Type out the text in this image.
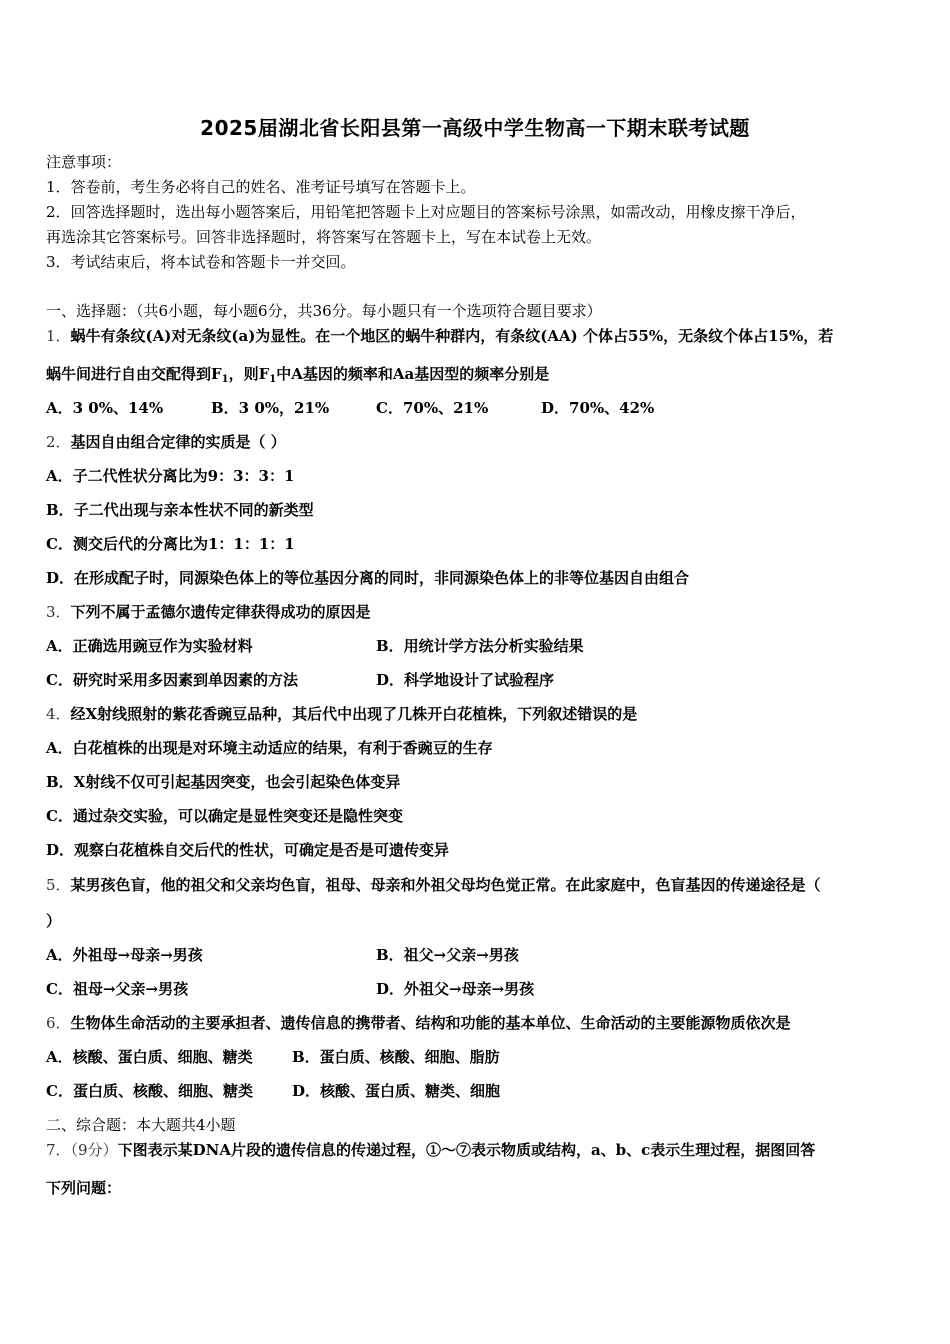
2025届湖北省长阳县第一高级中学生物高一下期末联考试题
注意事项：
1．答卷前，考生务必将自己的姓名、准考证号填写在答题卡上。
2．回答选择题时，选出每小题答案后，用铅笔把答题卡上对应题目的答案标号涂黑，如需改动，用橡皮擦干净后，
再选涂其它答案标号。回答非选择题时，将答案写在答题卡上，写在本试卷上无效。
3．考试结束后，将本试卷和答题卡一并交回。
一、选择题：（共6小题，每小题6分，共36分。每小题只有一个选项符合题目要求）
1．蜗牛有条纹(A)对无条纹(a)为显性。在一个地区的蜗牛种群内，有条纹(AA) 个体占55%，无条纹个体占15%，若
蜗牛间进行自由交配得到$F_1$，则$F_1$中A基因的频率和Aa基因型的频率分别是
A．3 0%、14%	B．3 0%，21%	C．70%、21%	D．70%、42%
2．基因自由组合定律的实质是（ ）
A．子二代性状分离比为9：3：3：1
B．子二代出现与亲本性状不同的新类型
C．测交后代的分离比为1：1：1：1
D．在形成配子时，同源染色体上的等位基因分离的同时，非同源染色体上的非等位基因自由组合
3．下列不属于孟德尔遗传定律获得成功的原因是
A．正确选用豌豆作为实验材料	B．用统计学方法分析实验结果
C．研究时采用多因素到单因素的方法	D．科学地设计了试验程序
4．经X射线照射的紫花香豌豆品种，其后代中出现了几株开白花植株，下列叙述错误的是
A．白花植株的出现是对环境主动适应的结果，有利于香豌豆的生存
B．X射线不仅可引起基因突变，也会引起染色体变异
C．通过杂交实验，可以确定是显性突变还是隐性突变
D．观察白花植株自交后代的性状，可确定是否是可遗传变异
5．某男孩色盲，他的祖父和父亲均色盲，祖母、母亲和外祖父母均色觉正常。在此家庭中，色盲基因的传递途径是（
）
A．外祖母→母亲→男孩	B．祖父→父亲→男孩
C．祖母→父亲→男孩	D．外祖父→母亲→男孩
6．生物体生命活动的主要承担者、遗传信息的携带者、结构和功能的基本单位、生命活动的主要能源物质依次是
A．核酸、蛋白质、细胞、糖类	B．蛋白质、核酸、细胞、脂肪
C．蛋白质、核酸、细胞、糖类	D．核酸、蛋白质、糖类、细胞
二、综合题：本大题共4小题
7．（9分）下图表示某DNA片段的遗传信息的传递过程，①～⑦表示物质或结构，a、b、c表示生理过程，据图回答
下列问题：
